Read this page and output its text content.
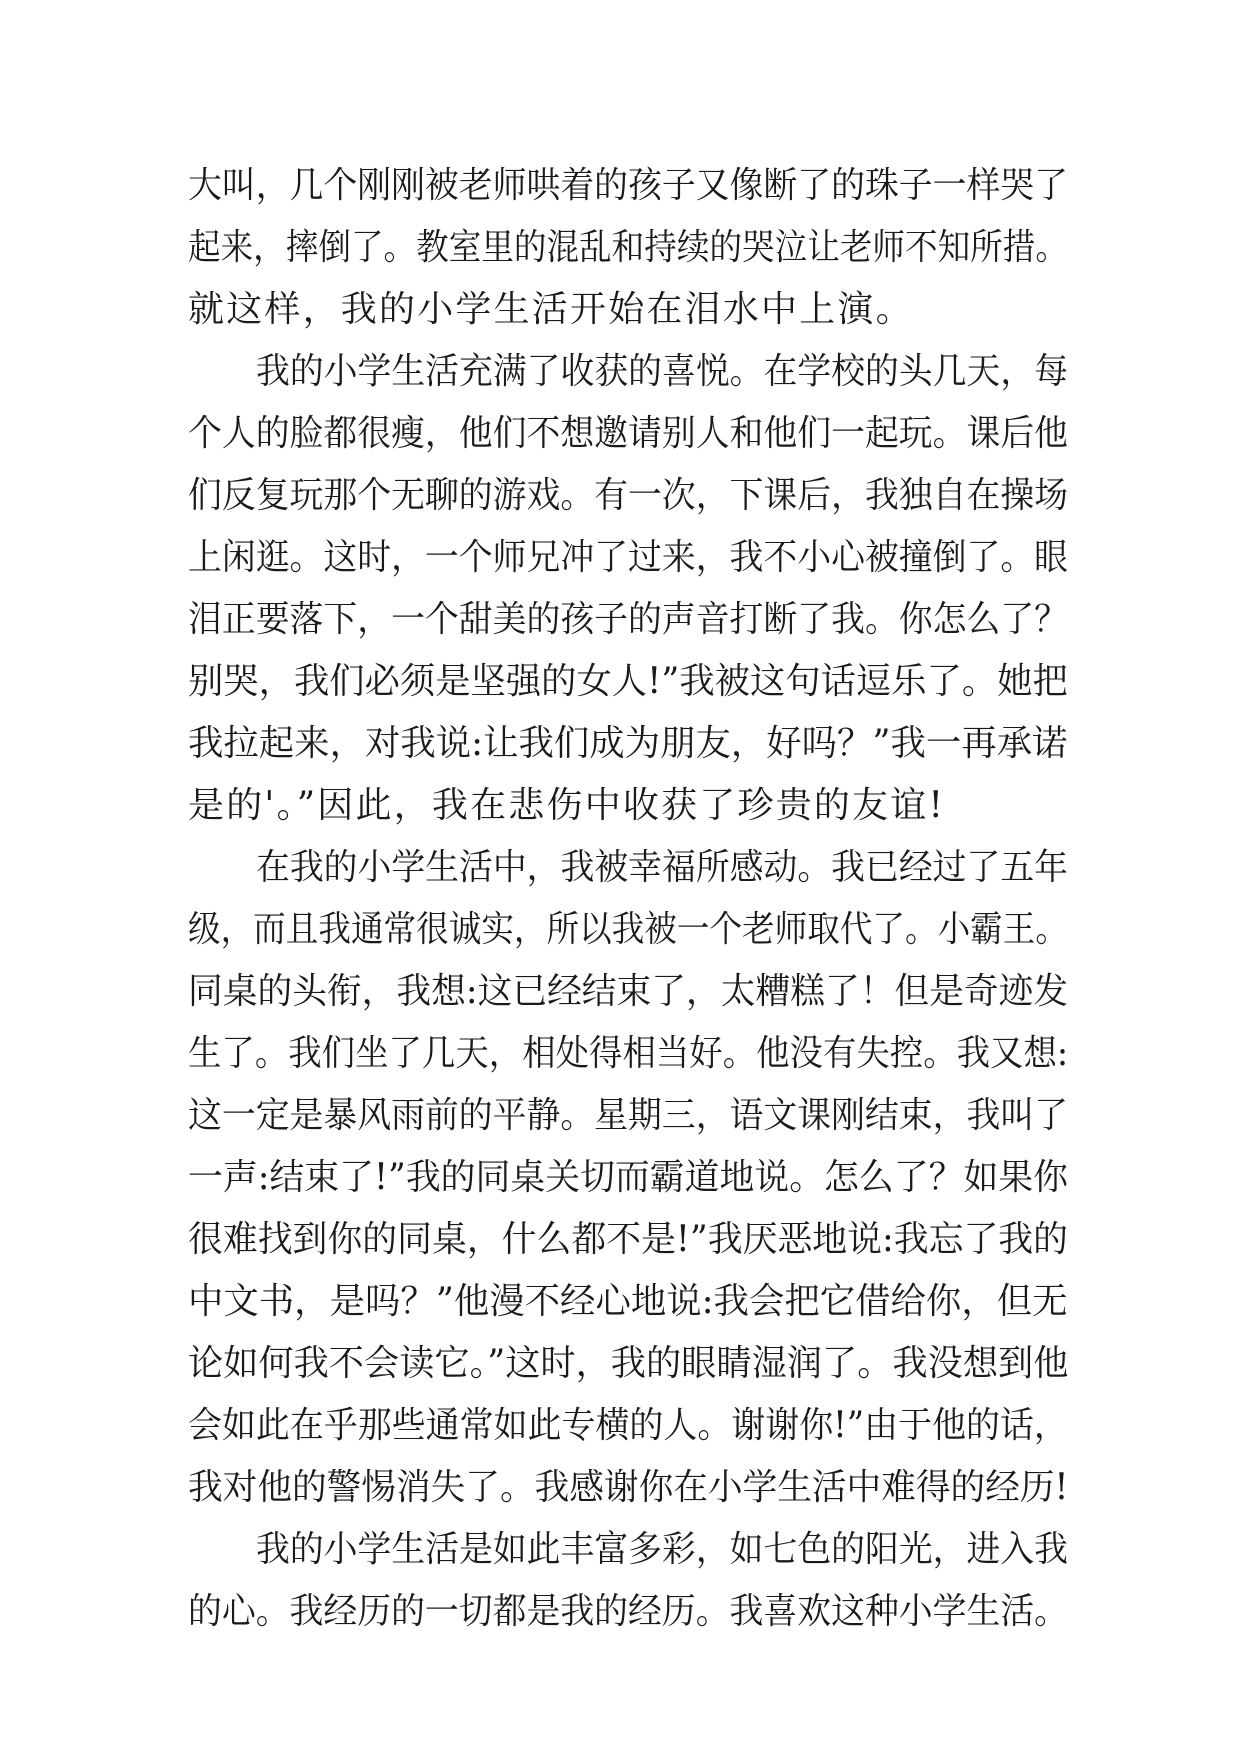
大叫，几个刚刚被老师哄着的孩子又像断了的珠子一样哭了
起来，摔倒了。教室里的混乱和持续的哭泣让老师不知所措。
就这样，我的小学生活开始在泪水中上演。
我的小学生活充满了收获的喜悦。在学校的头几天，每
个人的脸都很瘦，他们不想邀请别人和他们一起玩。课后他
们反复玩那个无聊的游戏。有一次，下课后，我独自在操场
上闲逛。这时，一个师兄冲了过来，我不小心被撞倒了。眼
泪正要落下，一个甜美的孩子的声音打断了我。你怎么了？
别哭，我们必须是坚强的女人!”我被这句话逗乐了。她把
我拉起来，对我说:让我们成为朋友，好吗？”我一再承诺
是的'。”因此，我在悲伤中收获了珍贵的友谊!
在我的小学生活中，我被幸福所感动。我已经过了五年
级，而且我通常很诚实，所以我被一个老师取代了。小霸王。
同桌的头衔，我想:这已经结束了，太糟糕了！但是奇迹发
生了。我们坐了几天，相处得相当好。他没有失控。我又想:
这一定是暴风雨前的平静。星期三，语文课刚结束，我叫了
一声:结束了!”我的同桌关切而霸道地说。怎么了？如果你
很难找到你的同桌，什么都不是!”我厌恶地说:我忘了我的
中文书，是吗？”他漫不经心地说:我会把它借给你，但无
论如何我不会读它。”这时，我的眼睛湿润了。我没想到他
会如此在乎那些通常如此专横的人。谢谢你!”由于他的话，
我对他的警惕消失了。我感谢你在小学生活中难得的经历!
我的小学生活是如此丰富多彩，如七色的阳光，进入我
的心。我经历的一切都是我的经历。我喜欢这种小学生活。
